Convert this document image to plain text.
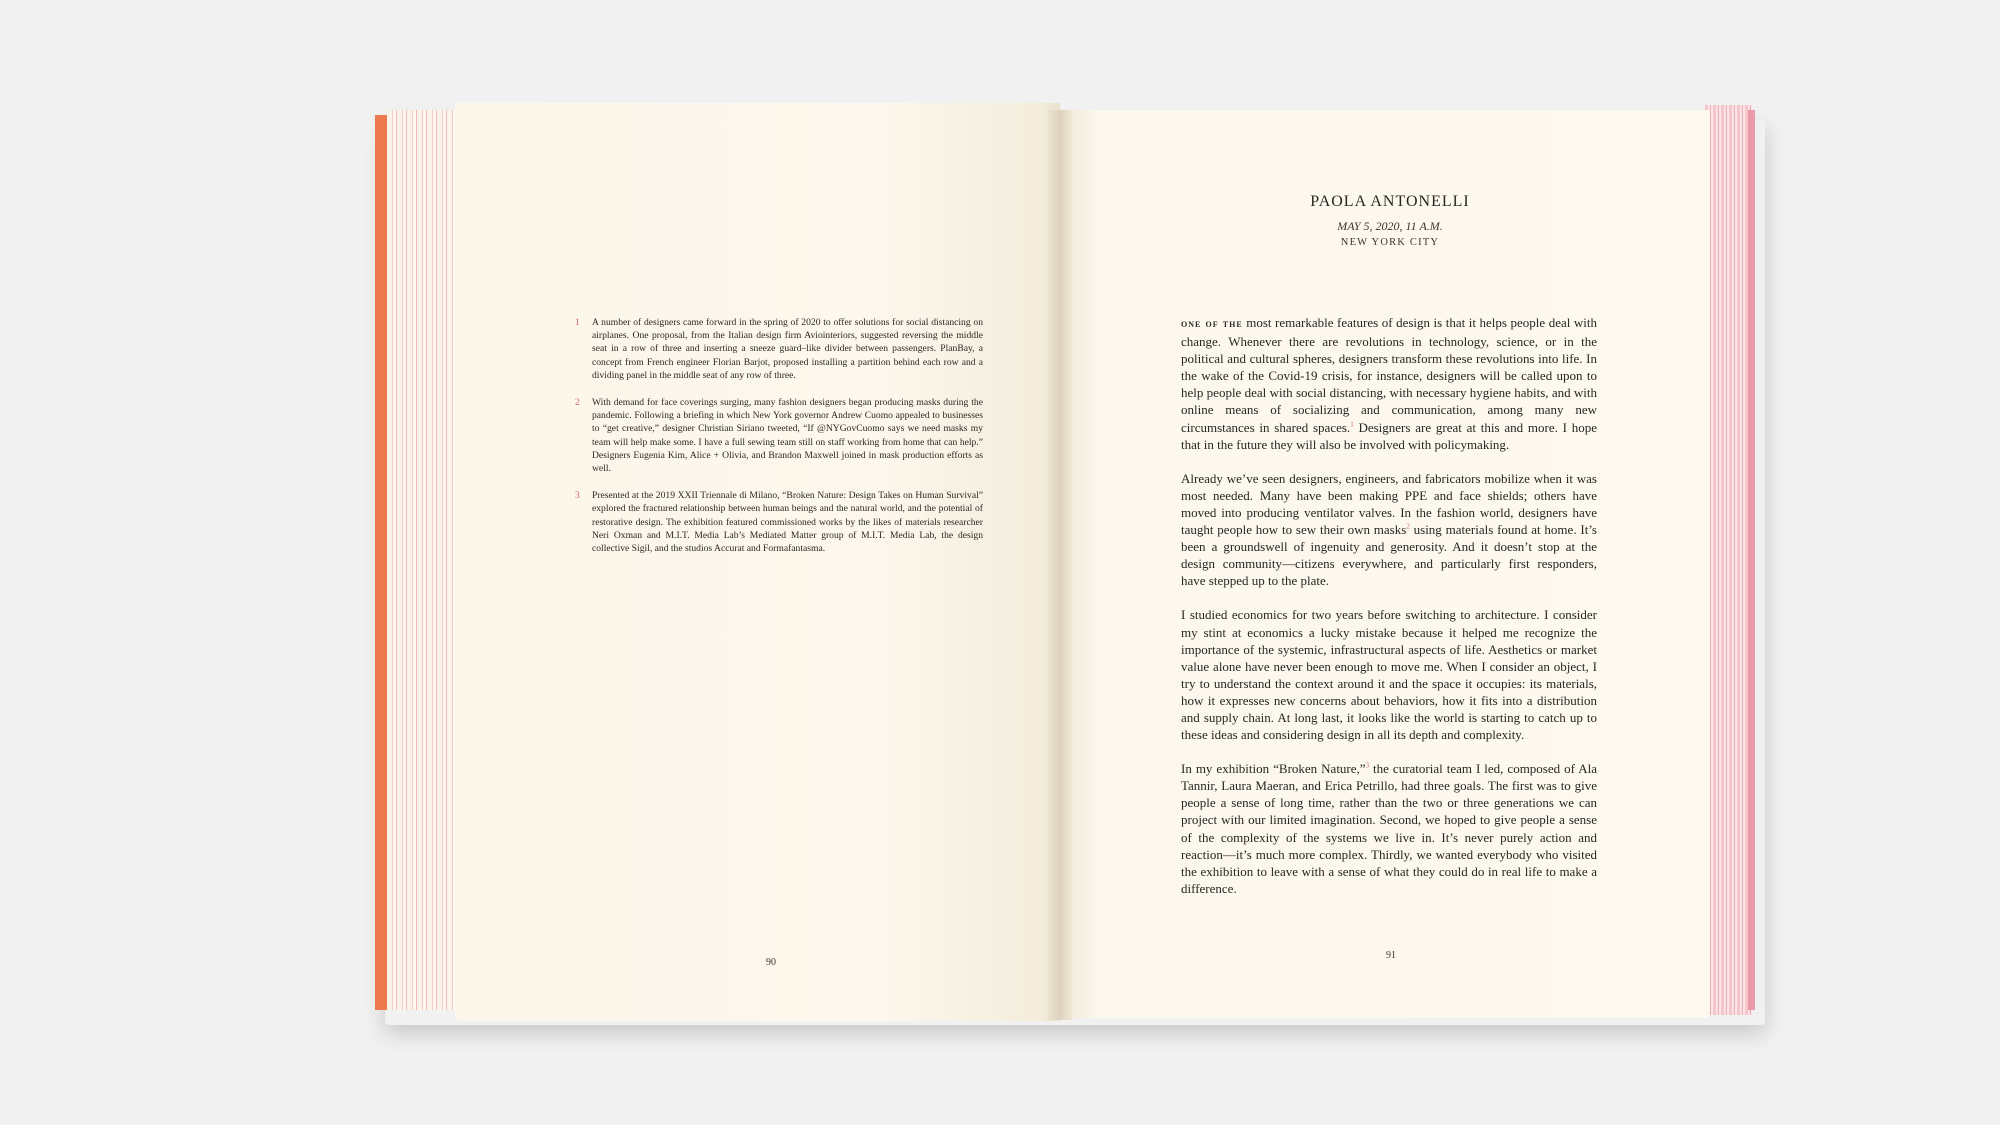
1 A number of designers came forward in the spring of 2020 to offer solutions for social distancing on airplanes. One proposal, from the Italian design firm Aviointeriors, suggested reversing the middle seat in a row of three and inserting a sneeze guard–like divider between passengers. PlanBay, a concept from French engineer Florian Barjot, proposed installing a partition behind each row and a dividing panel in the middle seat of any row of three.
2 With demand for face coverings surging, many fashion designers began producing masks during the pandemic. Following a briefing in which New York governor Andrew Cuomo appealed to businesses to “get creative,” designer Christian Siriano tweeted, “If @NYGovCuomo says we need masks my team will help make some. I have a full sewing team still on staff working from home that can help.” Designers Eugenia Kim, Alice + Olivia, and Brandon Maxwell joined in mask production efforts as well.
3 Presented at the 2019 XXII Triennale di Milano, “Broken Nature: Design Takes on Human Survival” explored the fractured relationship between human beings and the natural world, and the potential of restorative design. The exhibition featured commissioned works by the likes of materials researcher Neri Oxman and M.I.T. Media Lab’s Mediated Matter group of M.I.T. Media Lab, the design collective Sigil, and the studios Accurat and Formafantasma.
90
PAOLA ANTONELLI
MAY 5, 2020, 11 A.M.
NEW YORK CITY

one of the most remarkable features of design is that it helps people deal with change. Whenever there are revolutions in technology, science, or in the political and cultural spheres, designers transform these revolutions into life. In the wake of the Covid-19 crisis, for instance, designers will be called upon to help people deal with social distancing, with necessary hygiene habits, and with online means of socializing and communication, among many new circumstances in shared spaces.$^1$ Designers are great at this and more. I hope that in the future they will also be involved with policymaking.

Already we’ve seen designers, engineers, and fabricators mobilize when it was most needed. Many have been making PPE and face shields; others have moved into producing ventilator valves. In the fashion world, designers have taught people how to sew their own masks$^2$ using materials found at home. It’s been a groundswell of ingenuity and generosity. And it doesn’t stop at the design community—citizens everywhere, and particularly first responders, have stepped up to the plate.

I studied economics for two years before switching to architecture. I consider my stint at economics a lucky mistake because it helped me recognize the importance of the systemic, infrastructural aspects of life. Aesthetics or market value alone have never been enough to move me. When I consider an object, I try to understand the context around it and the space it occupies: its materials, how it expresses new concerns about behaviors, how it fits into a distribution and supply chain. At long last, it looks like the world is starting to catch up to these ideas and considering design in all its depth and complexity.

In my exhibition “Broken Nature,”$^3$ the curatorial team I led, composed of Ala Tannir, Laura Maeran, and Erica Petrillo, had three goals. The first was to give people a sense of long time, rather than the two or three generations we can project with our limited imagination. Second, we hoped to give people a sense of the complexity of the systems we live in. It’s never purely action and reaction—it’s much more complex. Thirdly, we wanted everybody who visited the exhibition to leave with a sense of what they could do in real life to make a difference.

91
